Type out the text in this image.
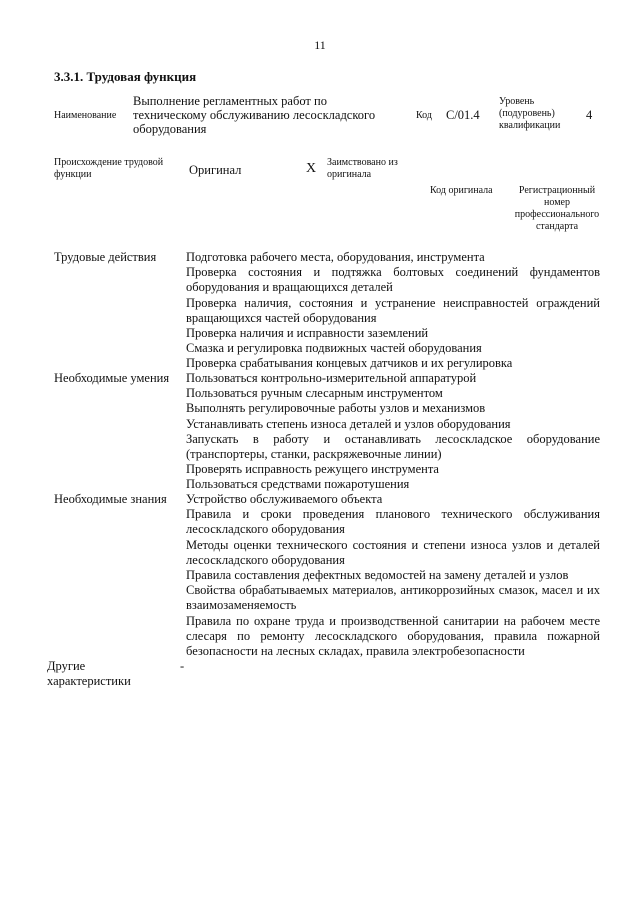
11
3.3.1. Трудовая функция
Наименование
Выполнение регламентных работ по техническому обслуживанию лесоскладского оборудования
Код C/01.4
Уровень (подуровень) квалификации
4
Происхождение трудовой функции	Оригинал	X Заимствовано из оригинала
Код оригинала	Регистрационный номер профессионального стандарта
Трудовые действия Подготовка рабочего места, оборудования, инструмента
Проверка состояния и подтяжка болтовых соединений фундаментов оборудования и вращающихся деталей
Проверка наличия, состояния и устранение неисправностей ограждений вращающихся частей оборудования
Проверка наличия и исправности заземлений
Смазка и регулировка подвижных частей оборудования
Проверка срабатывания концевых датчиков и их регулировка
Необходимые умения Пользоваться контрольно-измерительной аппаратурой
Пользоваться ручным слесарным инструментом
Выполнять регулировочные работы узлов и механизмов
Устанавливать степень износа деталей и узлов оборудования
Запускать в работу и останавливать лесоскладское оборудование (транспортеры, станки, раскряжевочные линии)
Проверять исправность режущего инструмента
Пользоваться средствами пожаротушения
Необходимые знания Устройство обслуживаемого объекта
Правила и сроки проведения планового технического обслуживания лесоскладского оборудования
Методы оценки технического состояния и степени износа узлов и деталей лесоскладского оборудования
Правила составления дефектных ведомостей на замену деталей и узлов
Свойства обрабатываемых материалов, антикоррозийных смазок, масел и их взаимозаменяемость
Правила по охране труда и производственной санитарии на рабочем месте слесаря по ремонту лесоскладского оборудования, правила пожарной безопасности на лесных складах, правила электробезопасности
Другие характеристики
-
